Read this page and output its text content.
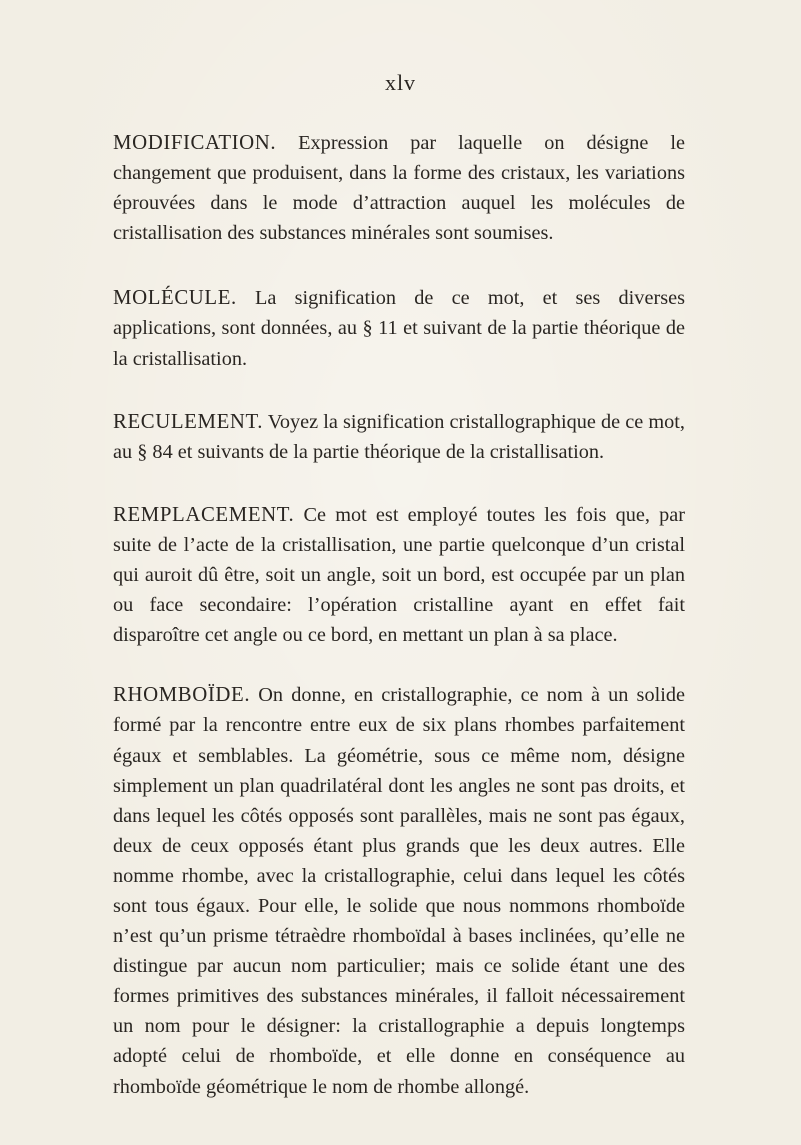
xlv

MODIFICATION. Expression par laquelle on désigne le changement que produisent, dans la forme des cristaux, les variations éprouvées dans le mode d’attraction auquel les molécules de cristallisation des substances minérales sont soumises.

MOLÉCULE. La signification de ce mot, et ses diverses applications, sont données, au § 11 et suivant de la partie théorique de la cristallisation.

RECULEMENT. Voyez la signification cristallographique de ce mot, au § 84 et suivants de la partie théorique de la cristallisation.

REMPLACEMENT. Ce mot est employé toutes les fois que, par suite de l’acte de la cristallisation, une partie quelconque d’un cristal qui auroit dû être, soit un angle, soit un bord, est occupée par un plan ou face secondaire: l’opération cristalline ayant en effet fait disparoître cet angle ou ce bord, en mettant un plan à sa place.

RHOMBOÏDE. On donne, en cristallographie, ce nom à un solide formé par la rencontre entre eux de six plans rhombes parfaitement égaux et semblables. La géométrie, sous ce même nom, désigne simplement un plan quadrilatéral dont les angles ne sont pas droits, et dans lequel les côtés opposés sont parallèles, mais ne sont pas égaux, deux de ceux opposés étant plus grands que les deux autres. Elle nomme rhombe, avec la cristallographie, celui dans lequel les côtés sont tous égaux. Pour elle, le solide que nous nommons rhomboïde n’est qu’un prisme tétraèdre rhomboïdal à bases inclinées, qu’elle ne distingue par aucun nom particulier; mais ce solide étant une des formes primitives des substances minérales, il falloit nécessairement un nom pour le désigner: la cristallographie a depuis longtemps adopté celui de rhomboïde, et elle donne en conséquence au rhomboïde géométrique le nom de rhombe allongé.
